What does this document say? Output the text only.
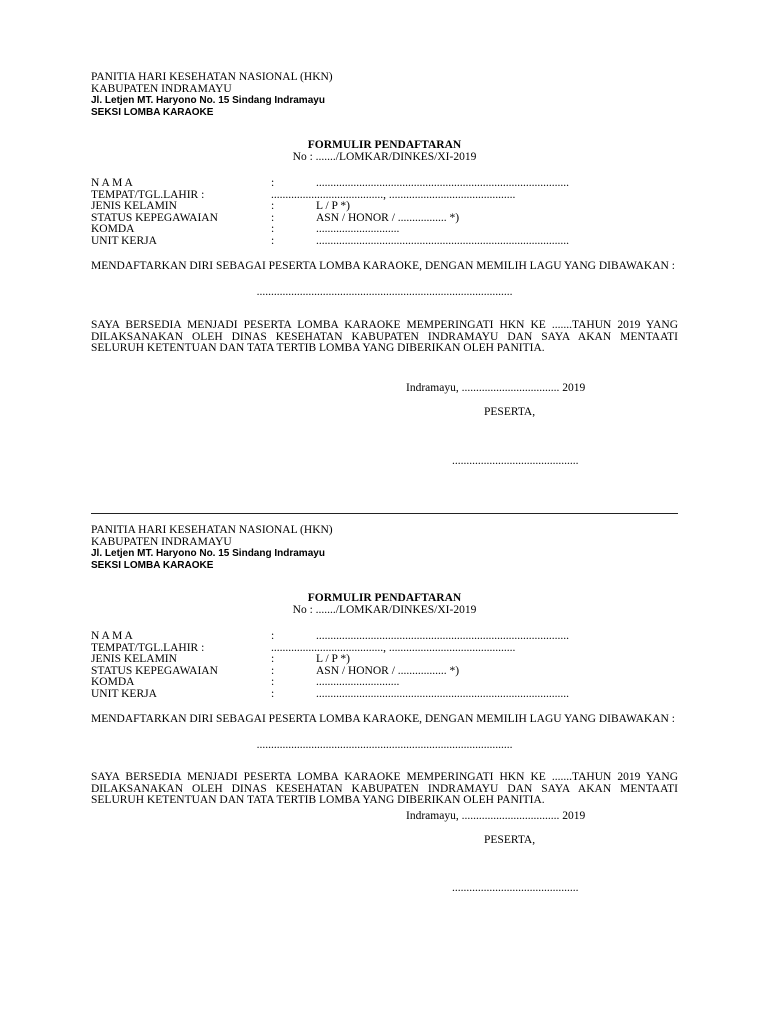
PANITIA HARI KESEHATAN NASIONAL (HKN)
KABUPATEN INDRAMAYU
Jl. Letjen MT. Haryono No. 15 Sindang Indramayu
SEKSI LOMBA KARAOKE
FORMULIR PENDAFTARAN
No : ......./LOMKAR/DINKES/XI-2019
N A M A	:	........................................................................................
TEMPAT/TGL.LAHIR :	......................................., ............................................
JENIS KELAMIN	:	L / P *)
STATUS KEPEGAWAIAN	:	ASN / HONOR / ................. *)
KOMDA	:	.............................
UNIT KERJA	:	........................................................................................
MENDAFTARKAN DIRI SEBAGAI PESERTA LOMBA KARAOKE, DENGAN MEMILIH LAGU YANG DIBAWAKAN :
.........................................................................................
SAYA BERSEDIA MENJADI PESERTA LOMBA KARAOKE MEMPERINGATI HKN KE .......TAHUN 2019 YANG DILAKSANAKAN OLEH DINAS KESEHATAN KABUPATEN INDRAMAYU DAN SAYA AKAN MENTAATI SELURUH KETENTUAN DAN TATA TERTIB LOMBA YANG DIBERIKAN OLEH PANITIA.
Indramayu, .................................. 2019
PESERTA,
............................................
PANITIA HARI KESEHATAN NASIONAL (HKN)
KABUPATEN INDRAMAYU
Jl. Letjen MT. Haryono No. 15 Sindang Indramayu
SEKSI LOMBA KARAOKE
FORMULIR PENDAFTARAN
No : ......./LOMKAR/DINKES/XI-2019
N A M A	:	........................................................................................
TEMPAT/TGL.LAHIR :	......................................., ............................................
JENIS KELAMIN	:	L / P *)
STATUS KEPEGAWAIAN	:	ASN / HONOR / ................. *)
KOMDA	:	.............................
UNIT KERJA	:	........................................................................................
MENDAFTARKAN DIRI SEBAGAI PESERTA LOMBA KARAOKE, DENGAN MEMILIH LAGU YANG DIBAWAKAN :
.........................................................................................
SAYA BERSEDIA MENJADI PESERTA LOMBA KARAOKE MEMPERINGATI HKN KE .......TAHUN 2019 YANG DILAKSANAKAN OLEH DINAS KESEHATAN KABUPATEN INDRAMAYU DAN SAYA AKAN MENTAATI SELURUH KETENTUAN DAN TATA TERTIB LOMBA YANG DIBERIKAN OLEH PANITIA.
Indramayu, .................................. 2019
PESERTA,
............................................
